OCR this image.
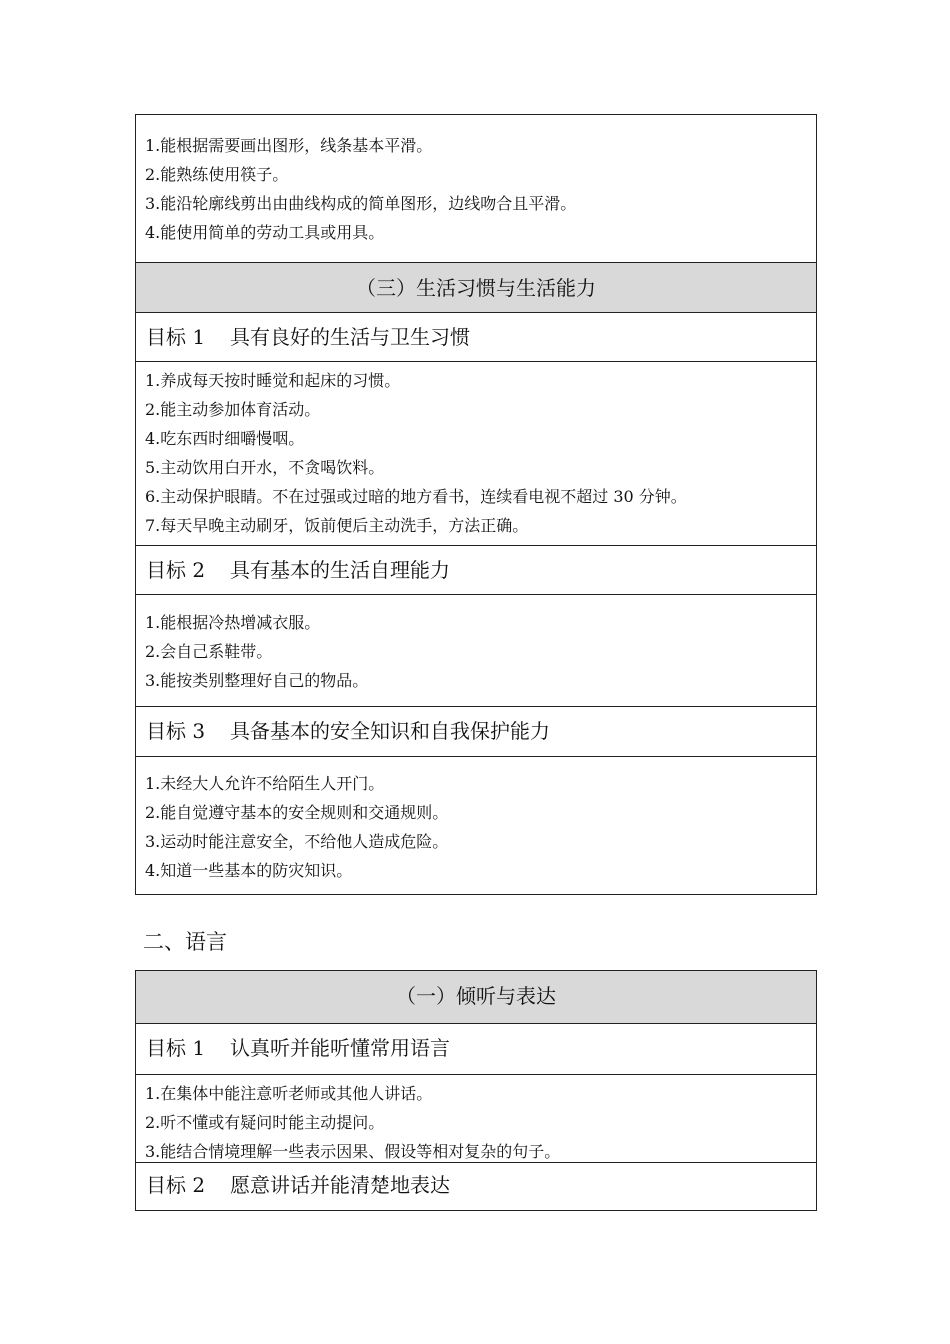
1.能根据需要画出图形，线条基本平滑。
2.能熟练使用筷子。
3.能沿轮廓线剪出由曲线构成的简单图形，边线吻合且平滑。
4.能使用简单的劳动工具或用具。
（三）生活习惯与生活能力
目标 1 具有良好的生活与卫生习惯
1.养成每天按时睡觉和起床的习惯。
2.能主动参加体育活动。
4.吃东西时细嚼慢咽。
5.主动饮用白开水，不贪喝饮料。
6.主动保护眼睛。不在过强或过暗的地方看书，连续看电视不超过 30 分钟。
7.每天早晚主动刷牙，饭前便后主动洗手，方法正确。
目标 2 具有基本的生活自理能力
1.能根据冷热增减衣服。
2.会自己系鞋带。
3.能按类别整理好自己的物品。
目标 3 具备基本的安全知识和自我保护能力
1.未经大人允许不给陌生人开门。
2.能自觉遵守基本的安全规则和交通规则。
3.运动时能注意安全，不给他人造成危险。
4.知道一些基本的防灾知识。
二、语言
（一）倾听与表达
目标 1 认真听并能听懂常用语言
1.在集体中能注意听老师或其他人讲话。
2.听不懂或有疑问时能主动提问。
3.能结合情境理解一些表示因果、假设等相对复杂的句子。
目标 2 愿意讲话并能清楚地表达
